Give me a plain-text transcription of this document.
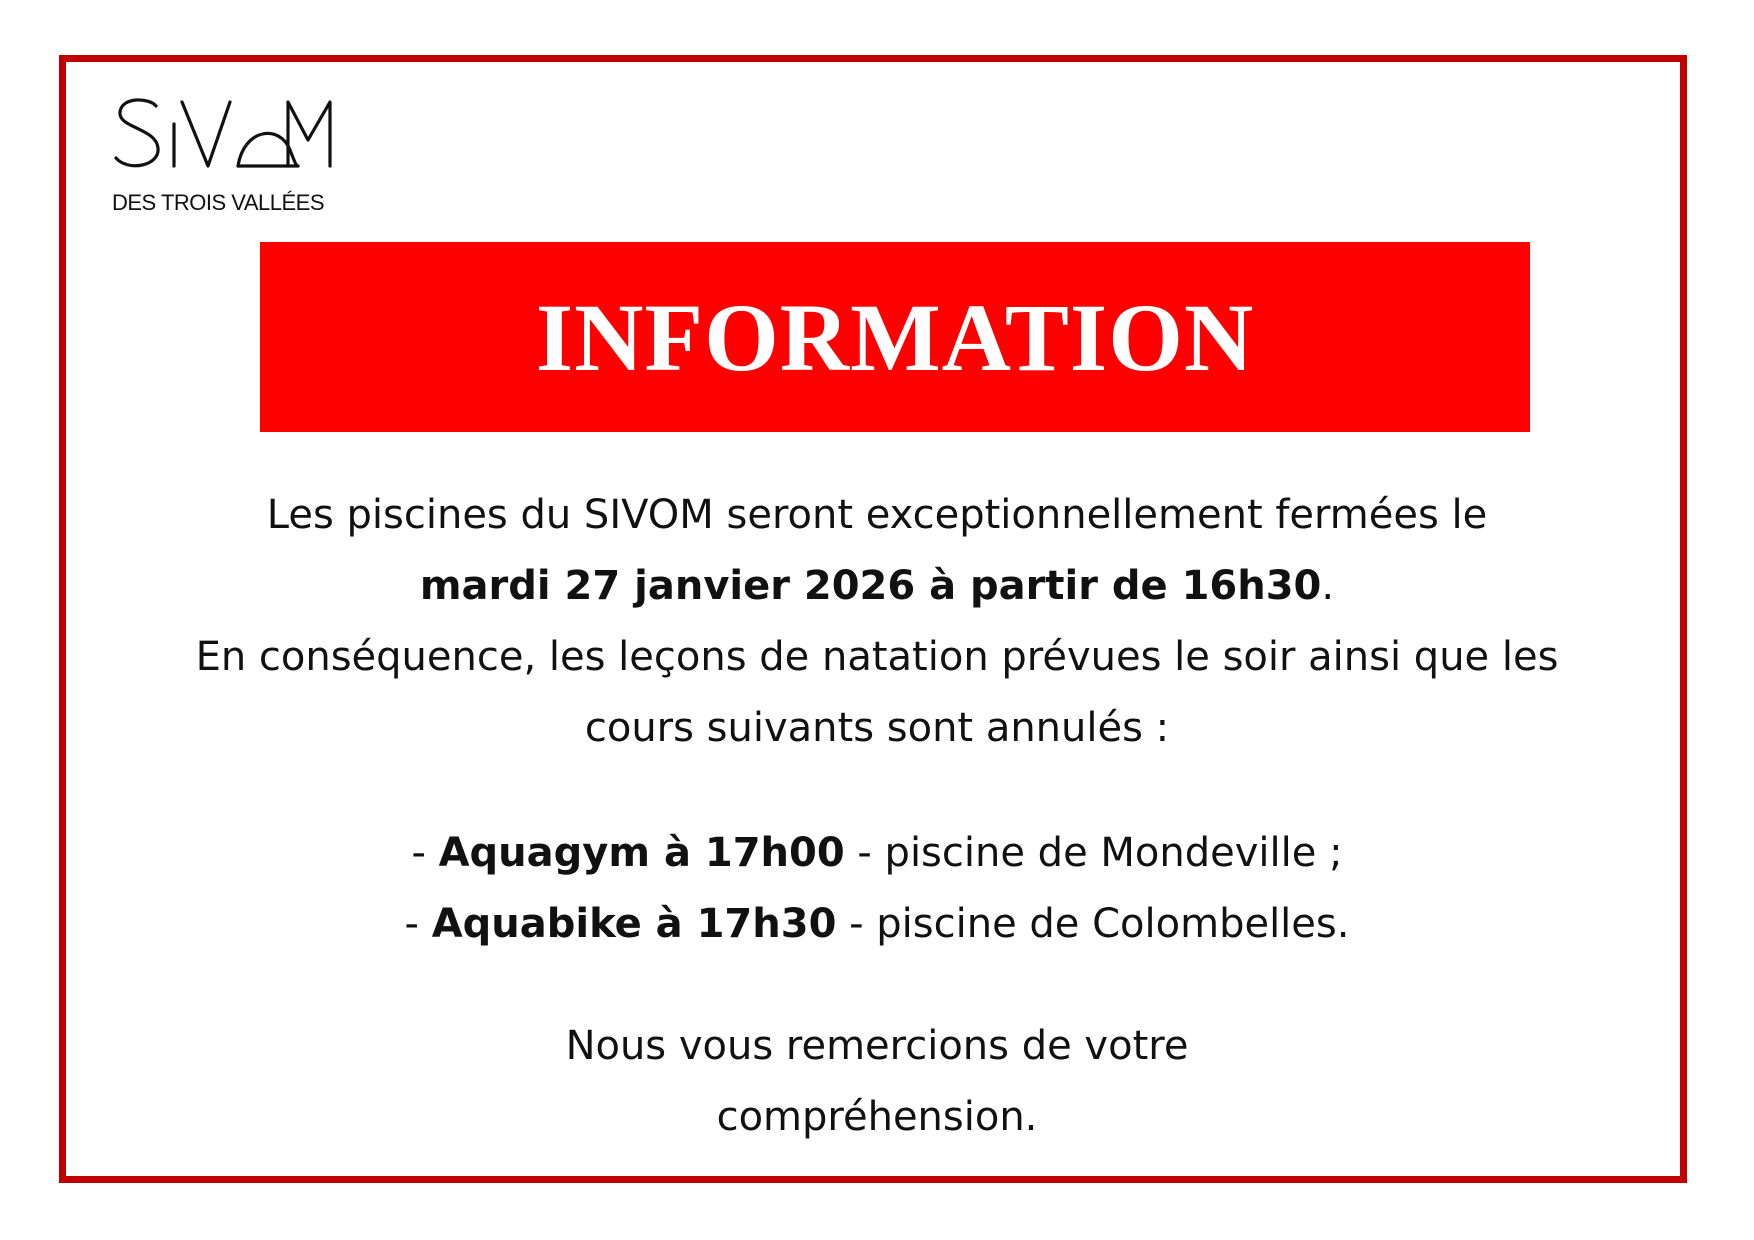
DES TROIS VALLÉES
INFORMATION
Les piscines du SIVOM seront exceptionnellement fermées le
mardi 27 janvier 2026 à partir de 16h30.
En conséquence, les leçons de natation prévues le soir ainsi que les
cours suivants sont annulés :
- Aquagym à 17h00 - piscine de Mondeville ;
- Aquabike à 17h30 - piscine de Colombelles.
Nous vous remercions de votre
compréhension.
